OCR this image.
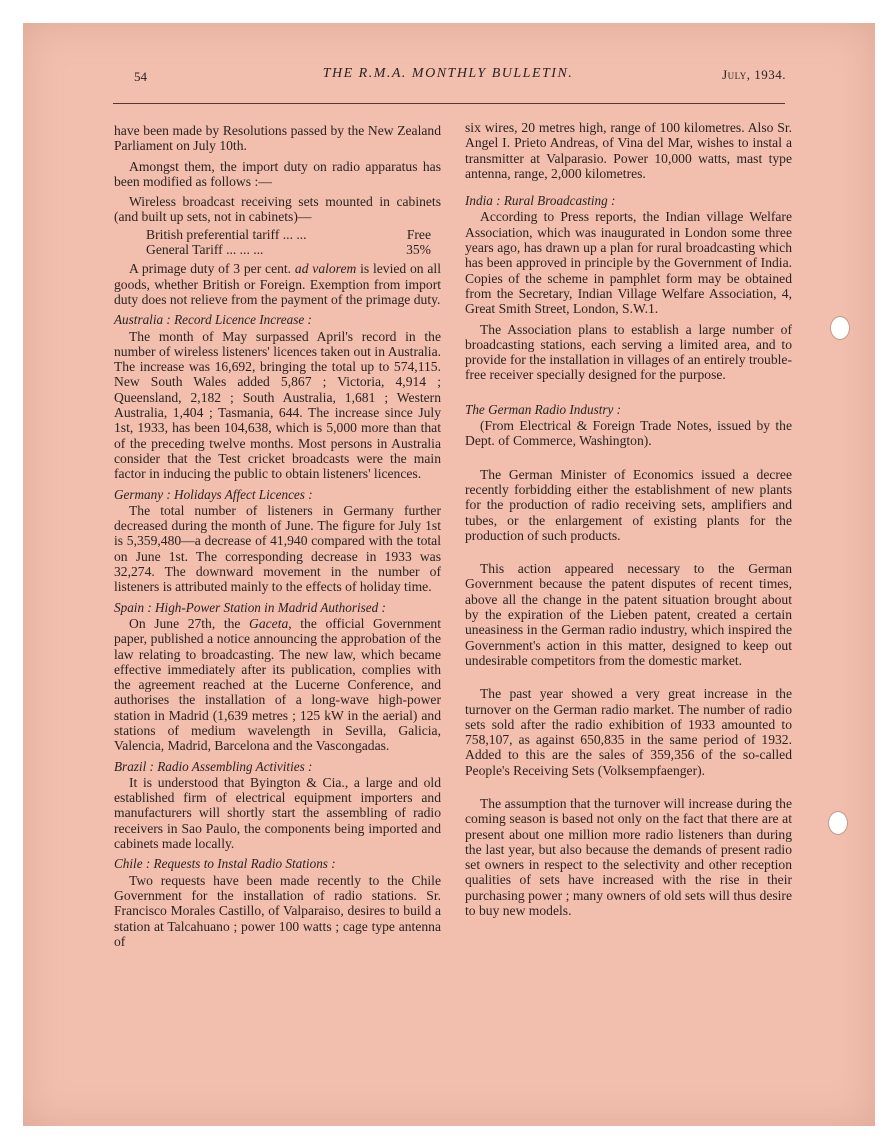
54	THE R.M.A. MONTHLY BULLETIN.	July, 1934.

have been made by Resolutions passed by the New Zealand Parliament on July 10th.

Amongst them, the import duty on radio apparatus has been modified as follows :—

Wireless broadcast receiving sets mounted in cabinets (and built up sets, not in cabinets)—

British preferential tariff ... ...	Free
General Tariff ... ... ...	35%

A primage duty of 3 per cent. ad valorem is levied on all goods, whether British or Foreign. Exemption from import duty does not relieve from the payment of the primage duty.

Australia : Record Licence Increase :

The month of May surpassed April's record in the number of wireless listeners' licences taken out in Australia. The increase was 16,692, bringing the total up to 574,115. New South Wales added 5,867 ; Victoria, 4,914 ; Queensland, 2,182 ; South Australia, 1,681 ; Western Australia, 1,404 ; Tasmania, 644. The increase since July 1st, 1933, has been 104,638, which is 5,000 more than that of the preceding twelve months. Most persons in Australia consider that the Test cricket broadcasts were the main factor in inducing the public to obtain listeners' licences.

Germany : Holidays Affect Licences :

The total number of listeners in Germany further decreased during the month of June. The figure for July 1st is 5,359,480—a decrease of 41,940 compared with the total on June 1st. The corresponding decrease in 1933 was 32,274. The downward movement in the number of listeners is attributed mainly to the effects of holiday time.

Spain : High-Power Station in Madrid Authorised :

On June 27th, the Gaceta, the official Government paper, published a notice announcing the approbation of the law relating to broadcasting. The new law, which became effective immediately after its publication, complies with the agreement reached at the Lucerne Conference, and authorises the installation of a long-wave high-power station in Madrid (1,639 metres ; 125 kW in the aerial) and stations of medium wavelength in Sevilla, Galicia, Valencia, Madrid, Barcelona and the Vascongadas.

Brazil : Radio Assembling Activities :

It is understood that Byington & Cia., a large and old established firm of electrical equipment importers and manufacturers will shortly start the assembling of radio receivers in Sao Paulo, the components being imported and cabinets made locally.

Chile : Requests to Instal Radio Stations :

Two requests have been made recently to the Chile Government for the installation of radio stations. Sr. Francisco Morales Castillo, of Valparaiso, desires to build a station at Talcahuano ; power 100 watts ; cage type antenna of

six wires, 20 metres high, range of 100 kilometres. Also Sr. Angel I. Prieto Andreas, of Vina del Mar, wishes to instal a transmitter at Valparasio. Power 10,000 watts, mast type antenna, range, 2,000 kilometres.

India : Rural Broadcasting :

According to Press reports, the Indian village Welfare Association, which was inaugurated in London some three years ago, has drawn up a plan for rural broadcasting which has been approved in principle by the Government of India. Copies of the scheme in pamphlet form may be obtained from the Secretary, Indian Village Welfare Association, 4, Great Smith Street, London, S.W.1.

The Association plans to establish a large number of broadcasting stations, each serving a limited area, and to provide for the installation in villages of an entirely trouble-free receiver specially designed for the purpose.

The German Radio Industry :

(From Electrical & Foreign Trade Notes, issued by the Dept. of Commerce, Washington).

The German Minister of Economics issued a decree recently forbidding either the establishment of new plants for the production of radio receiving sets, amplifiers and tubes, or the enlargement of existing plants for the production of such products.

This action appeared necessary to the German Government because the patent disputes of recent times, above all the change in the patent situation brought about by the expiration of the Lieben patent, created a certain uneasiness in the German radio industry, which inspired the Government's action in this matter, designed to keep out undesirable competitors from the domestic market.

The past year showed a very great increase in the turnover on the German radio market. The number of radio sets sold after the radio exhibition of 1933 amounted to 758,107, as against 650,835 in the same period of 1932. Added to this are the sales of 359,356 of the so-called People's Receiving Sets (Volksempfaenger).

The assumption that the turnover will increase during the coming season is based not only on the fact that there are at present about one million more radio listeners than during the last year, but also because the demands of present radio set owners in respect to the selectivity and other reception qualities of sets have increased with the rise in their purchasing power ; many owners of old sets will thus desire to buy new models.
